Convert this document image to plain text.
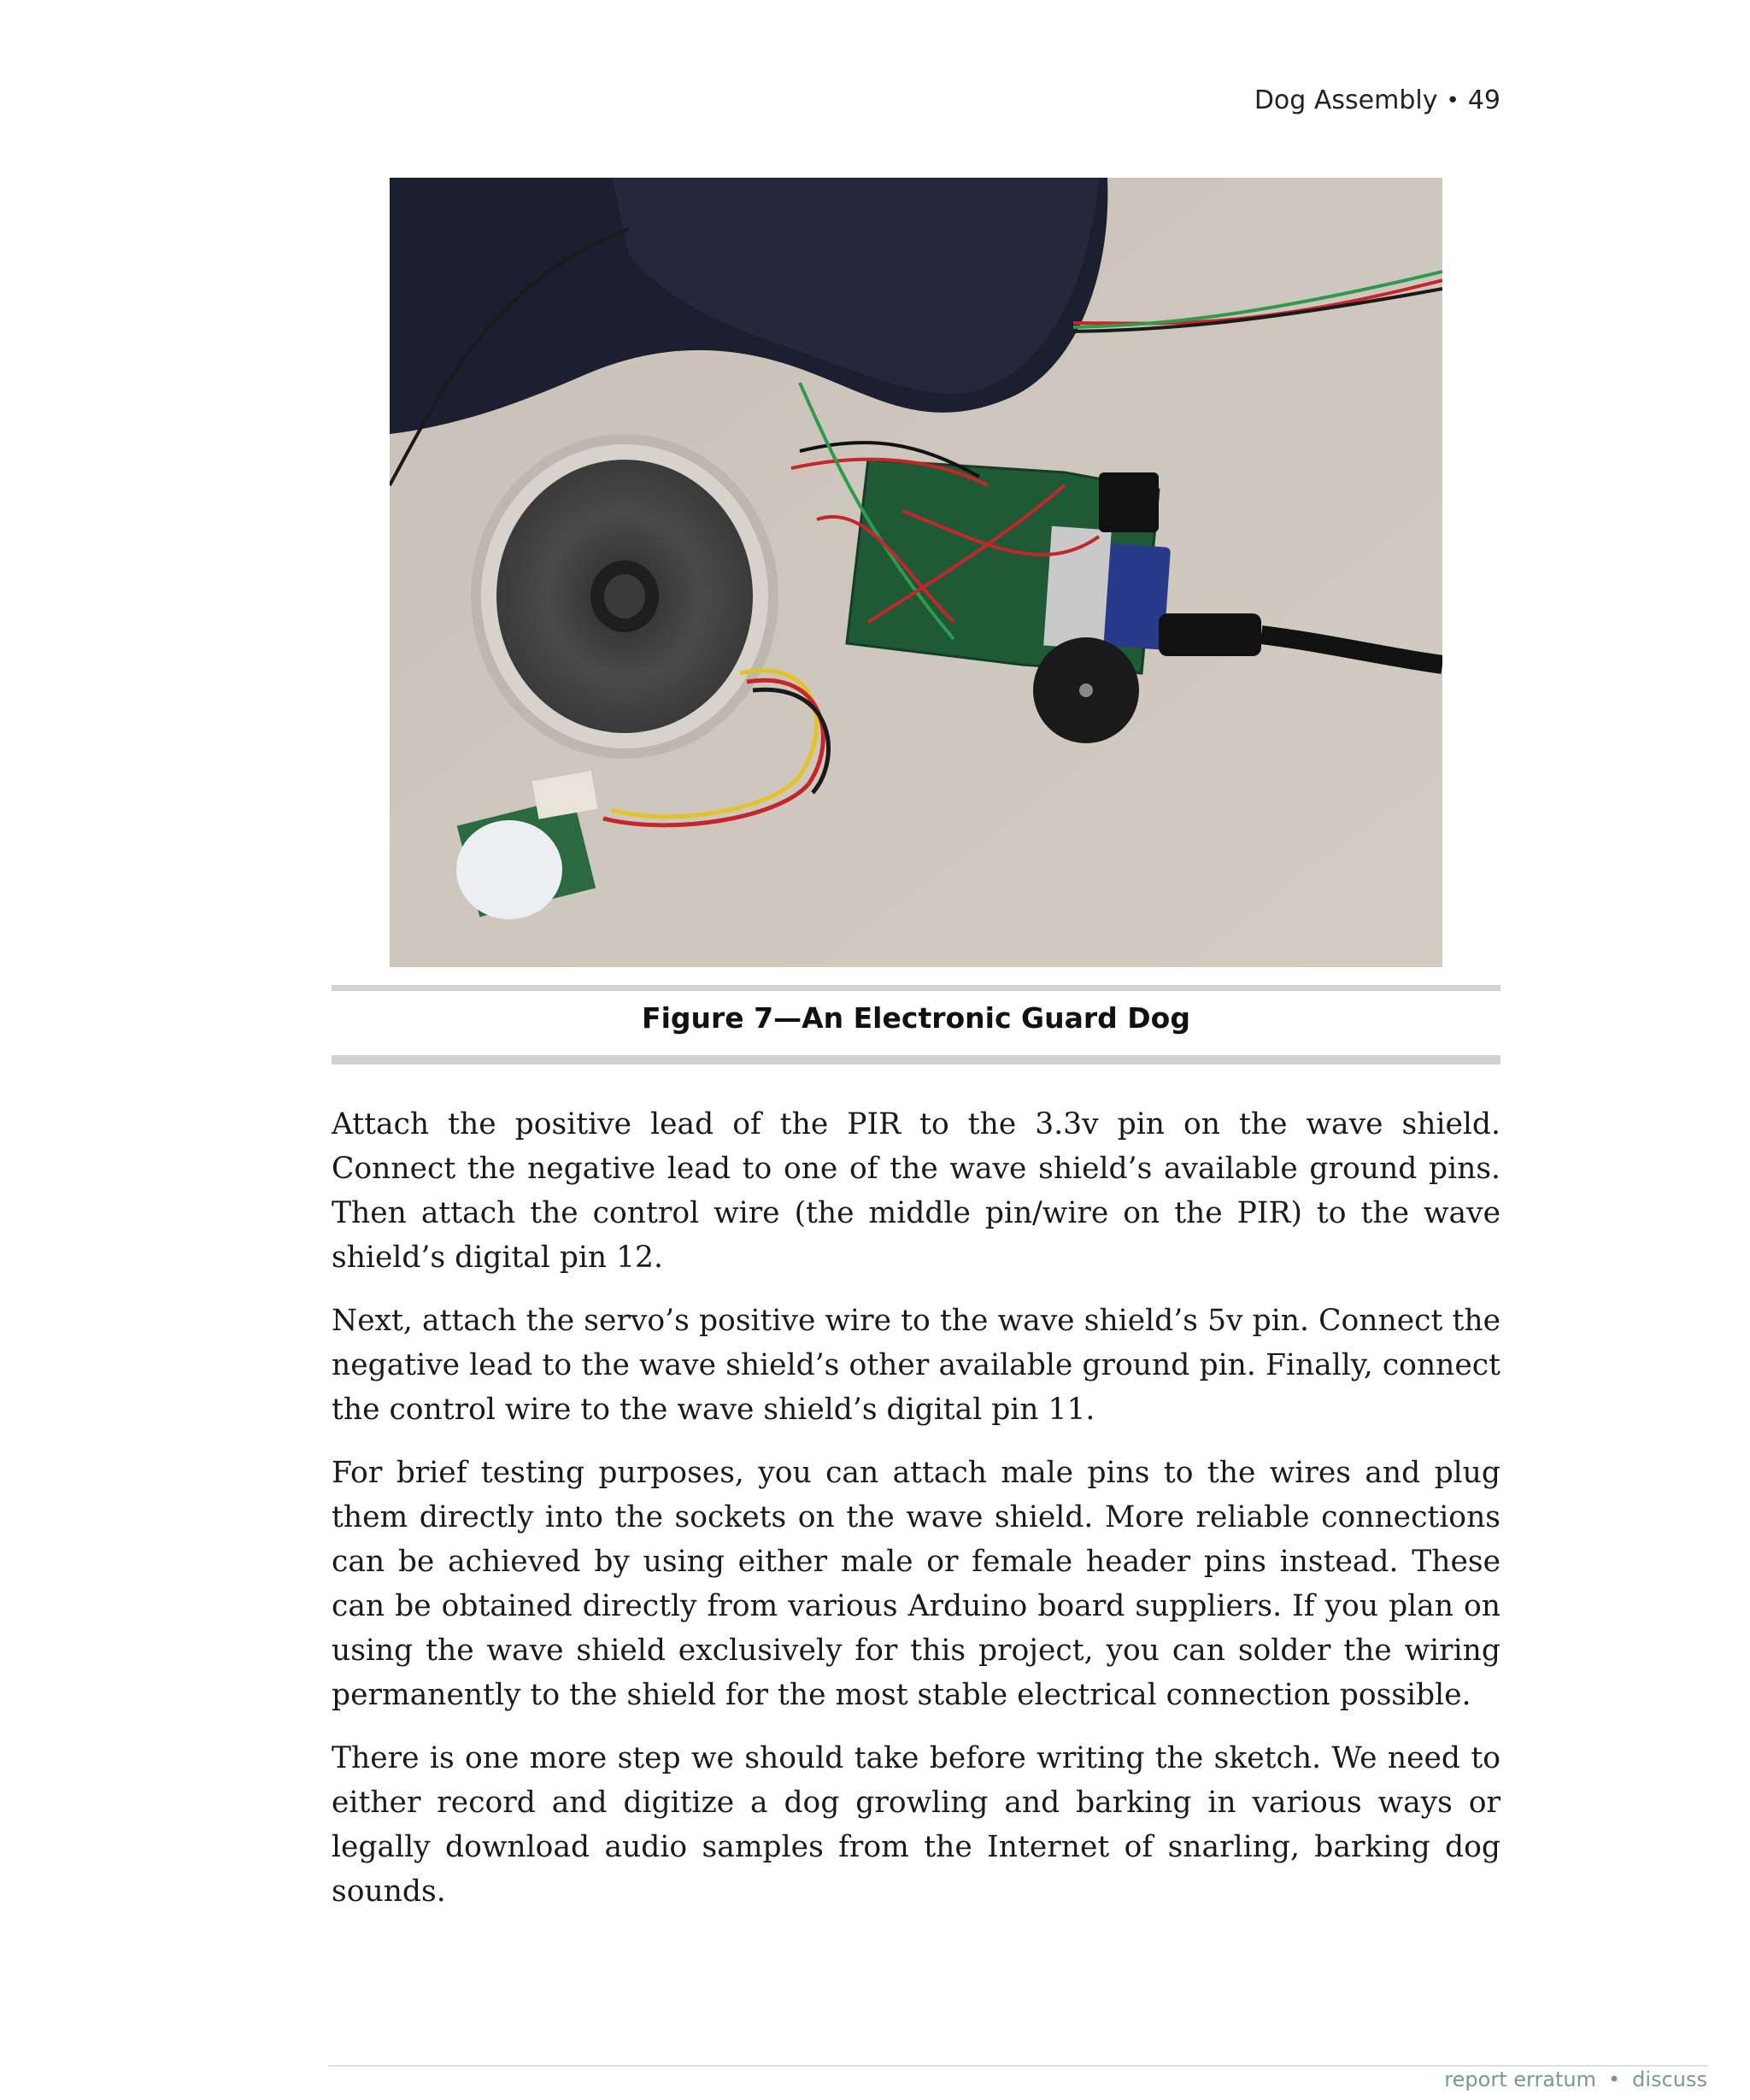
Dog Assembly • 49
Figure 7—An Electronic Guard Dog

Attach the positive lead of the PIR to the 3.3v pin on the wave shield. Connect the negative lead to one of the wave shield’s available ground pins. Then attach the control wire (the middle pin/wire on the PIR) to the wave shield’s digital pin 12.

Next, attach the servo’s positive wire to the wave shield’s 5v pin. Connect the negative lead to the wave shield’s other available ground pin. Finally, connect the control wire to the wave shield’s digital pin 11.

For brief testing purposes, you can attach male pins to the wires and plug them directly into the sockets on the wave shield. More reliable connections can be achieved by using either male or female header pins instead. These can be obtained directly from various Arduino board suppliers. If you plan on using the wave shield exclusively for this project, you can solder the wiring permanently to the shield for the most stable electrical connection possible.

There is one more step we should take before writing the sketch. We need to either record and digitize a dog growling and barking in various ways or legally download audio samples from the Internet of snarling, barking dog sounds.

report erratum • discuss
